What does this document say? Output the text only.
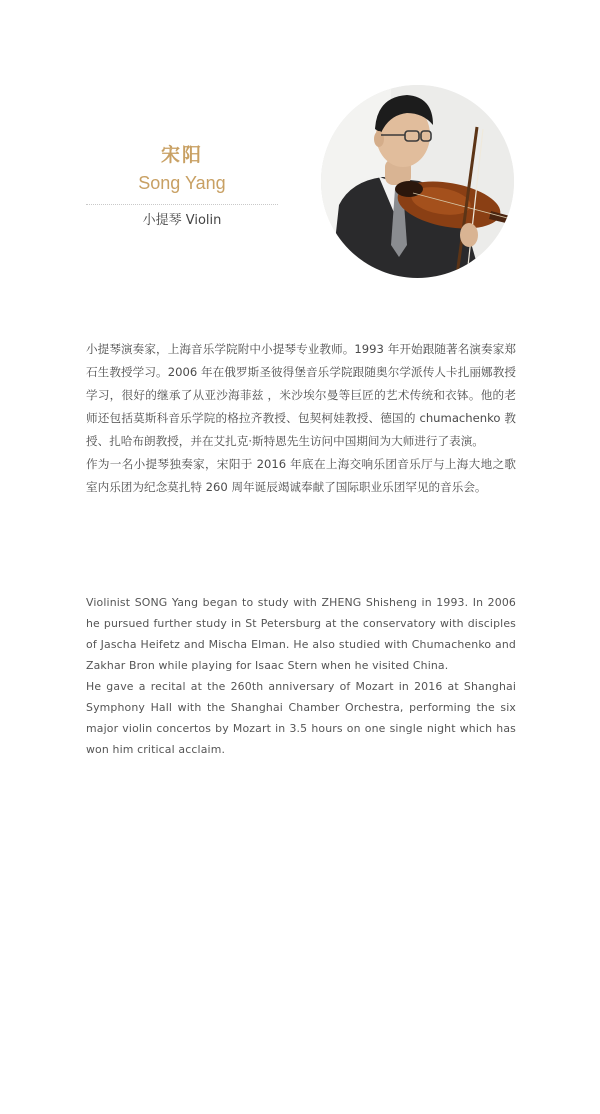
宋阳
Song Yang
小提琴 Violin

小提琴演奏家，上海音乐学院附中小提琴专业教师。1993 年开始跟随著名演奏家郑石生教授学习。2006 年在俄罗斯圣彼得堡音乐学院跟随奥尔学派传人卡扎丽娜教授学习，很好的继承了从亚沙海菲兹 ，米沙埃尔曼等巨匠的艺术传统和衣钵。他的老师还包括莫斯科音乐学院的格拉齐教授、包契柯娃教授、德国的 chumachenko 教授、扎哈布朗教授，并在艾扎克·斯特恩先生访问中国期间为大师进行了表演。

作为一名小提琴独奏家，宋阳于 2016 年底在上海交响乐团音乐厅与上海大地之歌室内乐团为纪念莫扎特 260 周年诞辰竭诚奉献了国际职业乐团罕见的音乐会。

Violinist SONG Yang began to study with ZHENG Shisheng in 1993. In 2006 he pursued further study in St Petersburg at the conservatory with disciples of Jascha Heifetz and Mischa Elman. He also studied with Chumachenko and Zakhar Bron while playing for Isaac Stern when he visited China.

He gave a recital at the 260th anniversary of Mozart in 2016 at Shanghai Symphony Hall with the Shanghai Chamber Orchestra, performing the six major violin concertos by Mozart in 3.5 hours on one single night which has won him critical acclaim.
